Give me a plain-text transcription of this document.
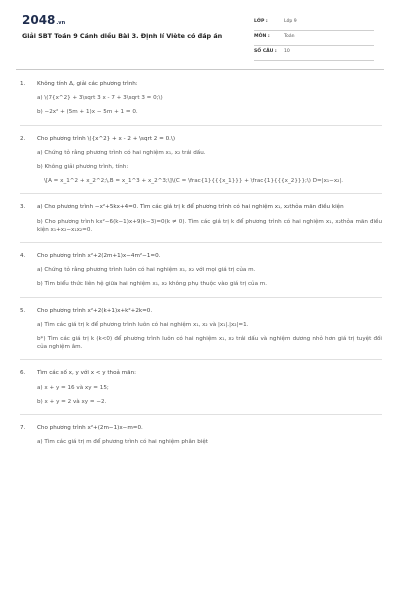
2048.vn
Giải SBT Toán 9 Cánh diều Bài 3. Định lí Viète có đáp án
LỚP :	Lớp 9
MÔN :	Toán
SỐ CÂU : 10
1.	Không tính Δ, giải các phương trình:
a) \(7{x^2} + 3\sqrt 3 x - 7 + 3\sqrt 3 = 0;\)
b) −2x² + (5m + 1)x − 5m + 1 = 0.
2.	Cho phương trình \({x^2} + x - 2 + \sqrt 2 = 0.\)
a) Chứng tỏ rằng phương trình có hai nghiệm x₁, x₂ trái dấu.
b) Không giải phương trình, tính:
\[A = x_1^2 + x_2^2;\,B = x_1^3 + x_2^3;\]\(C = \frac{1}{{{x_1}}} + \frac{1}{{{x_2}}};\) D=|x₁−x₂|.
3.	a) Cho phương trình −x²+5kx+4=0. Tìm các giá trị k để phương trình có hai nghiệm x₁, x₂thỏa mãn điều kiện
b) Cho phương trình kx²−6(k−1)x+9(k−3)=0(k ≠ 0). Tìm các giá trị k để phương trình có hai nghiệm x₁, x₂thỏa mãn điều kiện x₁+x₂−x₁x₂=0.
4.	Cho phương trình x²+2(2m+1)x−4m²−1=0.
a) Chứng tỏ rằng phương trình luôn có hai nghiệm x₁, x₂ với mọi giá trị của m.
b) Tìm biểu thức liên hệ giữa hai nghiệm x₁, x₂ không phụ thuộc vào giá trị của m.
5.	Cho phương trình x²+2(k+1)x+k²+2k=0.
a) Tìm các giá trị k để phương trình luôn có hai nghiệm x₁, x₂ và |x₁|.|x₂|=1.
b*) Tìm các giá trị k (k<0) để phương trình luôn có hai nghiệm x₁, x₂ trái dấu và nghiệm dương nhỏ hơn giá trị tuyệt đối của nghiệm âm.
6.	Tìm các số x, y với x < y thoả mãn:
a) x + y = 16 và xy = 15;
b) x + y = 2 và xy = −2.
7.	Cho phương trình x²+(2m−1)x−m=0.
a) Tìm các giá trị m để phương trình có hai nghiệm phân biệt
